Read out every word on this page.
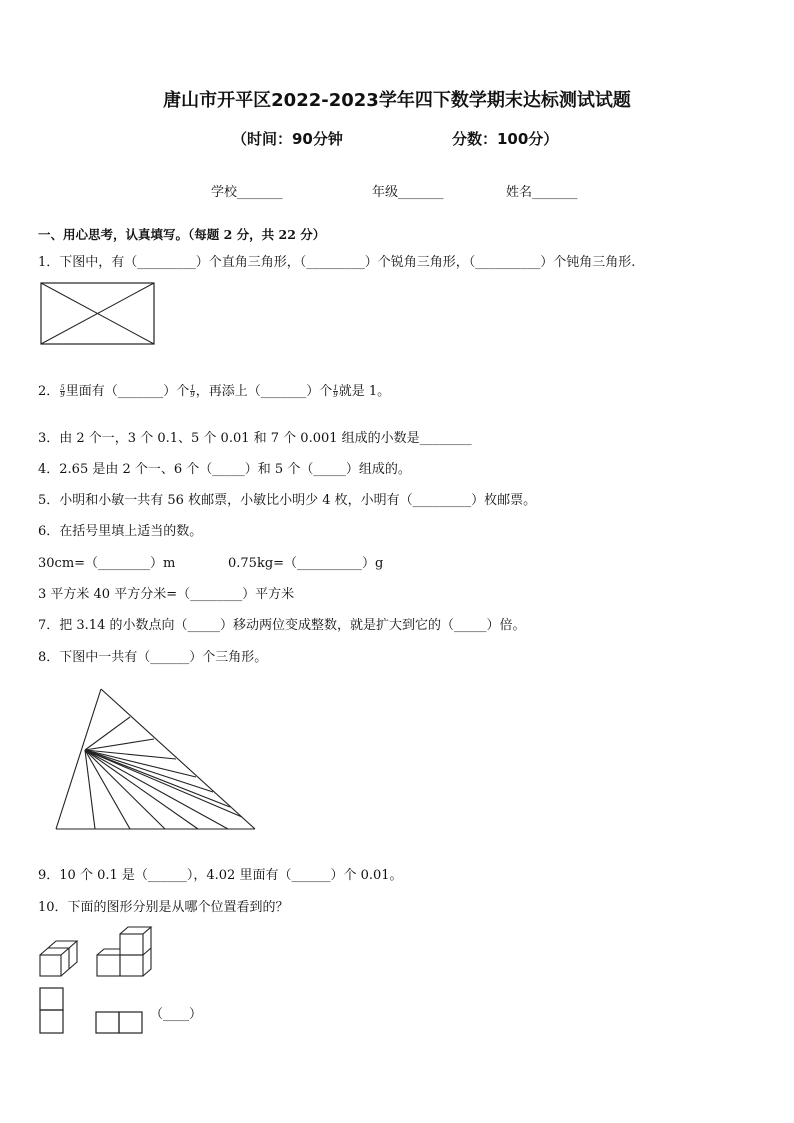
唐山市开平区2022-2023学年四下数学期末达标测试试题
（时间：90分钟	分数：100分）
学校_______	年级_______	姓名_______
一、用心思考，认真填写。（每题 2 分，共 22 分）
1．下图中，有（_________）个直角三角形，（_________）个锐角三角形，（__________）个钝角三角形.
2． $\frac{5}{9}$ 里面有（_______）个 $\frac{1}{9}$ ，再添上（_______）个 $\frac{1}{9}$ 就是 1。
3．由 2 个一，3 个 0.1、5 个 0.01 和 7 个 0.001 组成的小数是________
4．2.65 是由 2 个一、6 个（_____）和 5 个（_____）组成的。
5．小明和小敏一共有 56 枚邮票，小敏比小明少 4 枚，小明有（_________）枚邮票。
6．在括号里填上适当的数。
30cm=（________）m	0.75kg=（__________）g
3 平方米 40 平方分米=（________）平方米
7．把 3.14 的小数点向（_____）移动两位变成整数，就是扩大到它的（_____）倍。
8．下图中一共有（______）个三角形。
9．10 个 0.1 是（______），4.02 里面有（______）个 0.01。
10．下面的图形分别是从哪个位置看到的？
（____）
